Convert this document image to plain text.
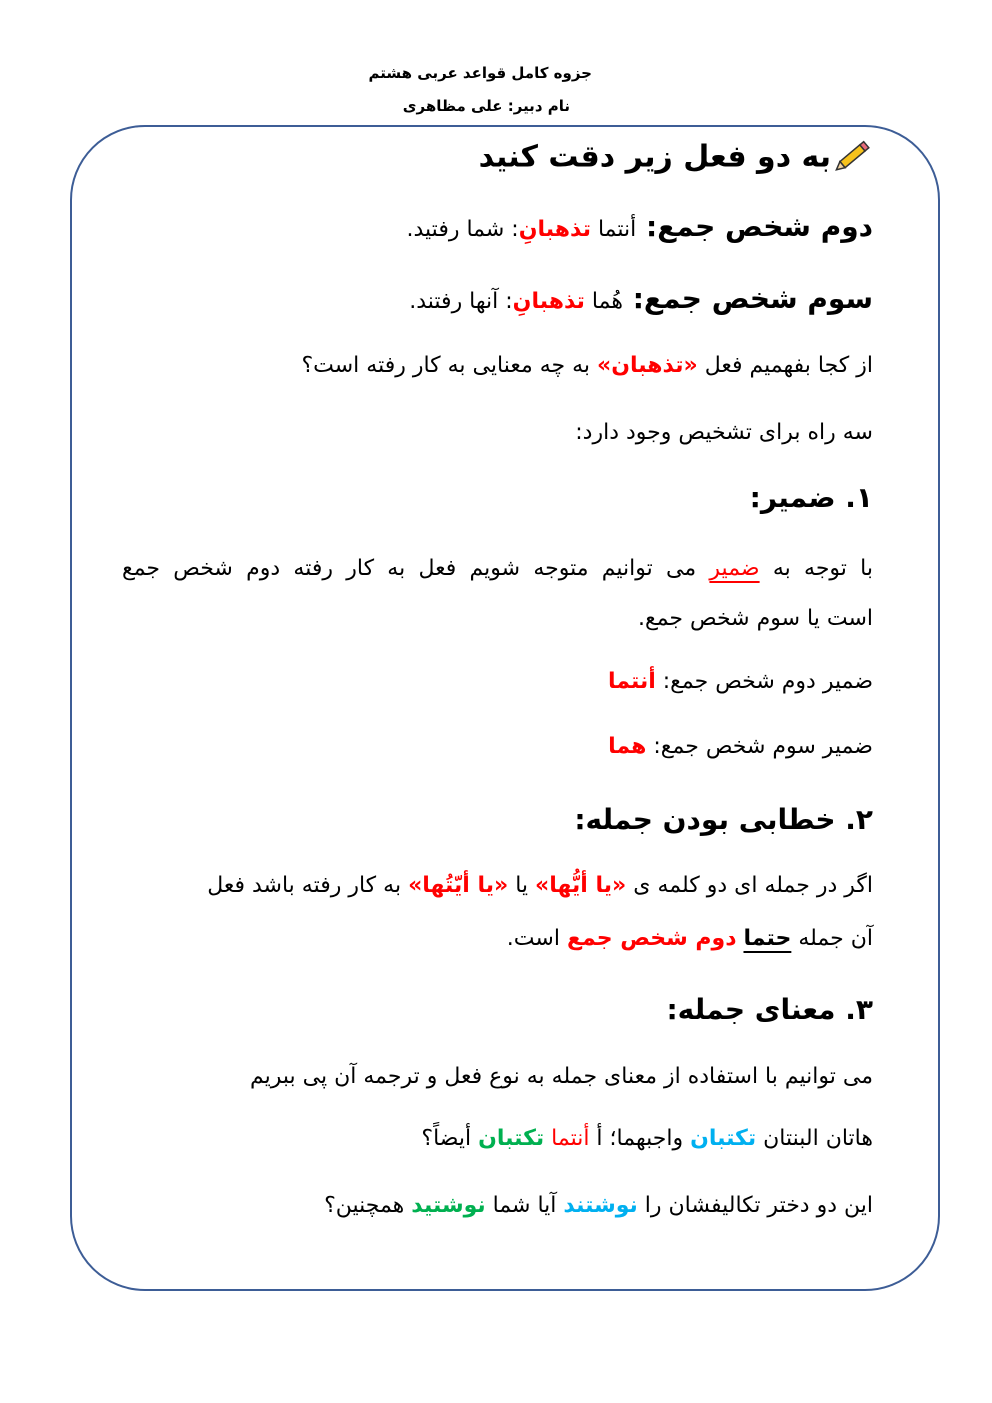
جزوه کامل قواعد عربی هشتم
نام دبیر: علی مظاهری
به دو فعل زیر دقت کنید
دوم شخص جمع: أنتما تذهبانِ: شما رفتید.
سوم شخص جمع: هُما تذهبانِ: آنها رفتند.
از کجا بفهمیم فعل «تذهبان» به چه معنایی به کار رفته است؟
سه راه برای تشخیص وجود دارد:
۱. ضمیر:
با توجه به ضمیر می توانیم متوجه شویم فعل به کار رفته دوم شخص جمع
است یا سوم شخص جمع.
ضمیر دوم شخص جمع: أنتما
ضمیر سوم شخص جمع: هما
۲. خطابی بودن جمله:
اگر در جمله ای دو کلمه ی «یا أیُّها» یا «یا أیّتُها» به کار رفته باشد فعل
آن جمله حتما دوم شخص جمع است.
۳. معنای جمله:
می توانیم با استفاده از معنای جمله به نوع فعل و ترجمه آن پی ببریم
هاتان البنتان تکتبان واجبهما؛ أ أنتما تکتبان أیضاً؟
این دو دختر تکالیفشان را نوشتند آیا شما نوشتید همچنین؟
